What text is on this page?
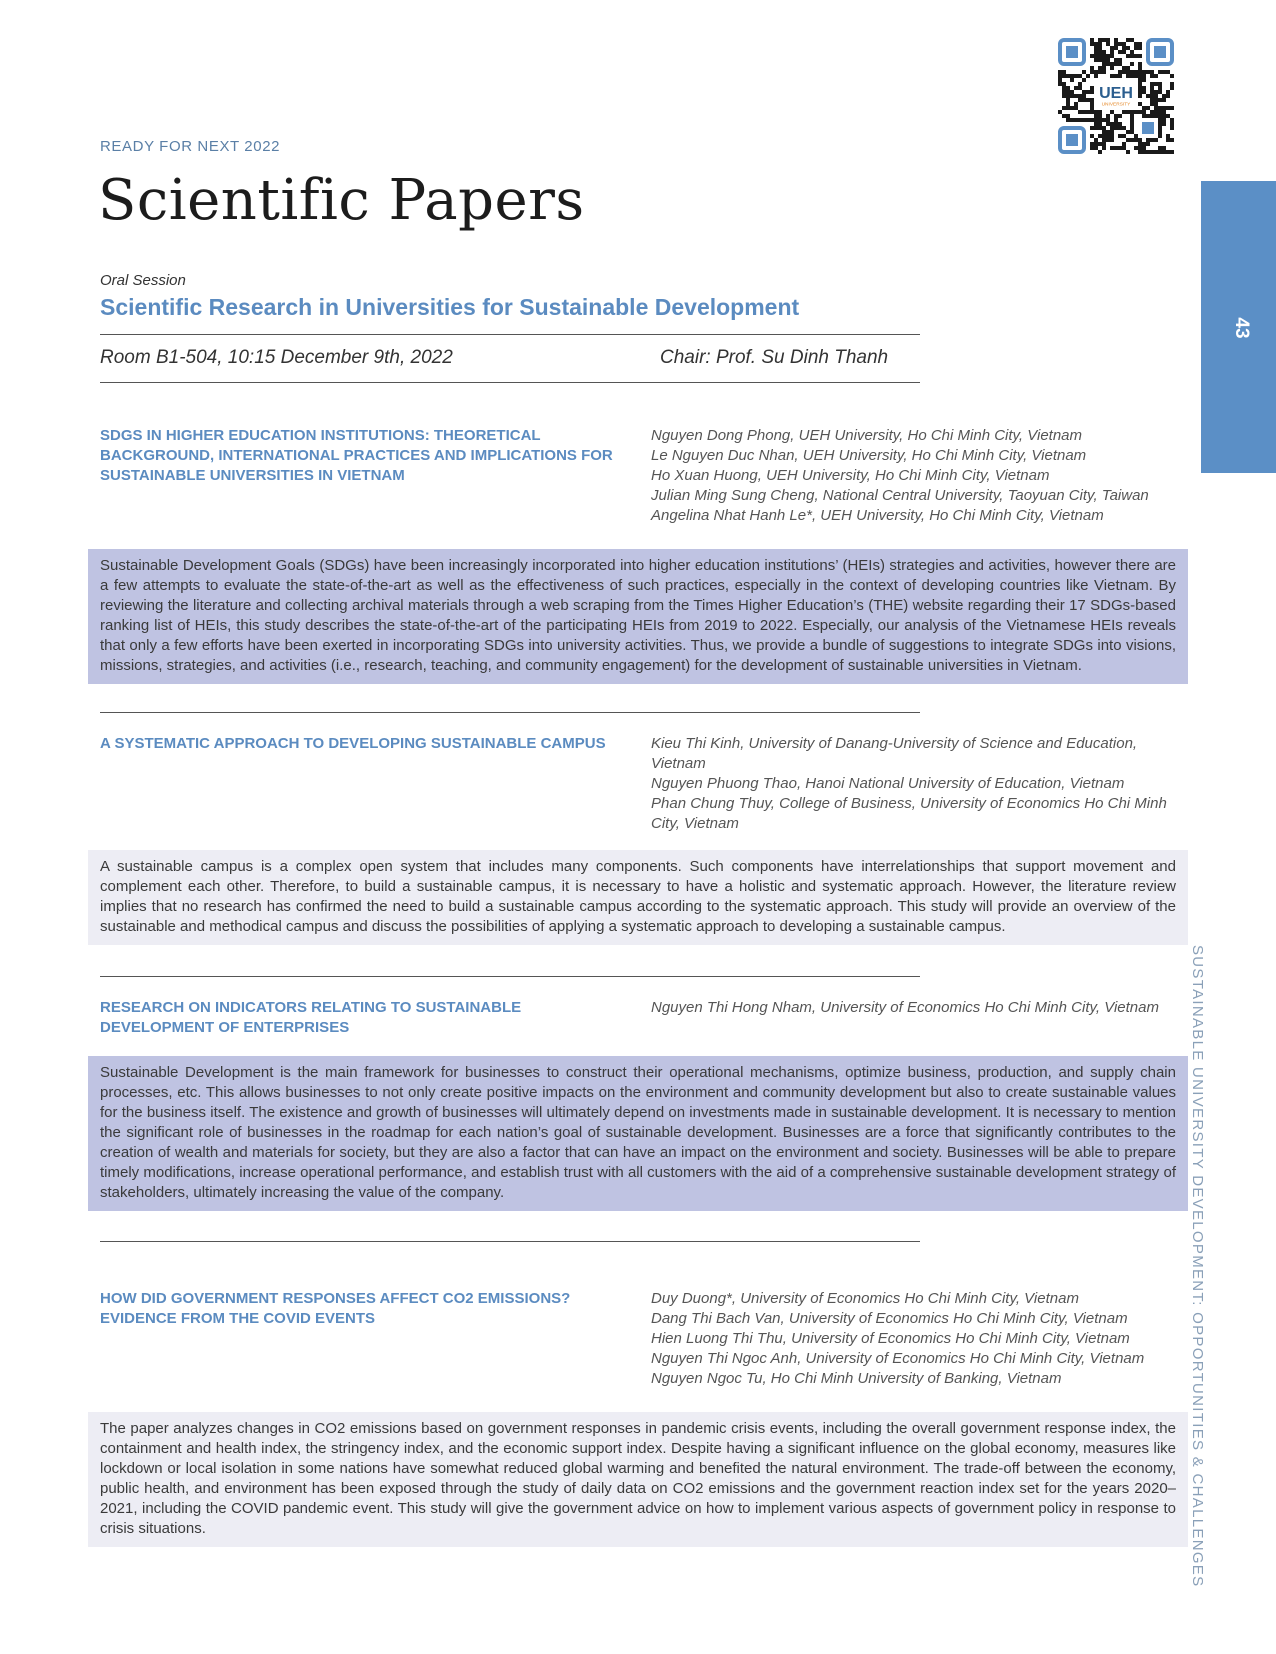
UEH
UNIVERSITY
READY FOR NEXT 2022
Scientific Papers
Oral Session
Scientific Research in Universities for Sustainable Development
Room B1-504, 10:15 December 9th, 2022	Chair: Prof. Su Dinh Thanh
43
SUSTAINABLE UNIVERSITY DEVELOPMENT: OPPORTUNITIES & CHALLENGES
SDGS IN HIGHER EDUCATION INSTITUTIONS: THEORETICAL BACKGROUND, INTERNATIONAL PRACTICES AND IMPLICATIONS FOR SUSTAINABLE UNIVERSITIES IN VIETNAM
Nguyen Dong Phong, UEH University, Ho Chi Minh City, Vietnam
Le Nguyen Duc Nhan, UEH University, Ho Chi Minh City, Vietnam
Ho Xuan Huong, UEH University, Ho Chi Minh City, Vietnam
Julian Ming Sung Cheng, National Central University, Taoyuan City, Taiwan
Angelina Nhat Hanh Le*, UEH University, Ho Chi Minh City, Vietnam
Sustainable Development Goals (SDGs) have been increasingly incorporated into higher education institutions’ (HEIs) strategies and activities, however there are a few attempts to evaluate the state-of-the-art as well as the effectiveness of such practices, especially in the context of developing countries like Vietnam. By reviewing the literature and collecting archival materials through a web scraping from the Times Higher Education’s (THE) website regarding their 17 SDGs-based ranking list of HEIs, this study describes the state-of-the-art of the participating HEIs from 2019 to 2022. Especially, our analysis of the Vietnamese HEIs reveals that only a few efforts have been exerted in incorporating SDGs into university activities. Thus, we provide a bundle of suggestions to integrate SDGs into visions, missions, strategies, and activities (i.e., research, teaching, and community engagement) for the development of sustainable universities in Vietnam.
A SYSTEMATIC APPROACH TO DEVELOPING SUSTAINABLE CAMPUS	Kieu Thi Kinh, University of Danang-University of Science and Education, Vietnam
Nguyen Phuong Thao, Hanoi National University of Education, Vietnam
Phan Chung Thuy, College of Business, University of Economics Ho Chi Minh City, Vietnam
A sustainable campus is a complex open system that includes many components. Such components have interrelationships that support movement and complement each other. Therefore, to build a sustainable campus, it is necessary to have a holistic and systematic approach. However, the literature review implies that no research has confirmed the need to build a sustainable campus according to the systematic approach. This study will provide an overview of the sustainable and methodical campus and discuss the possibilities of applying a systematic approach to developing a sustainable campus.
RESEARCH ON INDICATORS RELATING TO SUSTAINABLE DEVELOPMENT OF ENTERPRISES
Nguyen Thi Hong Nham, University of Economics Ho Chi Minh City, Vietnam
Sustainable Development is the main framework for businesses to construct their operational mechanisms, optimize business, production, and supply chain processes, etc. This allows businesses to not only create positive impacts on the environment and community development but also to create sustainable values for the business itself. The existence and growth of businesses will ultimately depend on investments made in sustainable development. It is necessary to mention the significant role of businesses in the roadmap for each nation’s goal of sustainable development. Businesses are a force that significantly contributes to the creation of wealth and materials for society, but they are also a factor that can have an impact on the environment and society. Businesses will be able to prepare timely modifications, increase operational performance, and establish trust with all customers with the aid of a comprehensive sustainable development strategy of stakeholders, ultimately increasing the value of the company.
HOW DID GOVERNMENT RESPONSES AFFECT CO2 EMISSIONS? EVIDENCE FROM THE COVID EVENTS
Duy Duong*, University of Economics Ho Chi Minh City, Vietnam
Dang Thi Bach Van, University of Economics Ho Chi Minh City, Vietnam
Hien Luong Thi Thu, University of Economics Ho Chi Minh City, Vietnam
Nguyen Thi Ngoc Anh, University of Economics Ho Chi Minh City, Vietnam
Nguyen Ngoc Tu, Ho Chi Minh University of Banking, Vietnam
The paper analyzes changes in CO2 emissions based on government responses in pandemic crisis events, including the overall government response index, the containment and health index, the stringency index, and the economic support index. Despite having a significant influence on the global economy, measures like lockdown or local isolation in some nations have somewhat reduced global warming and benefited the natural environment. The trade-off between the economy, public health, and environment has been exposed through the study of daily data on CO2 emissions and the government reaction index set for the years 2020–2021, including the COVID pandemic event. This study will give the government advice on how to implement various aspects of government policy in response to crisis situations.
